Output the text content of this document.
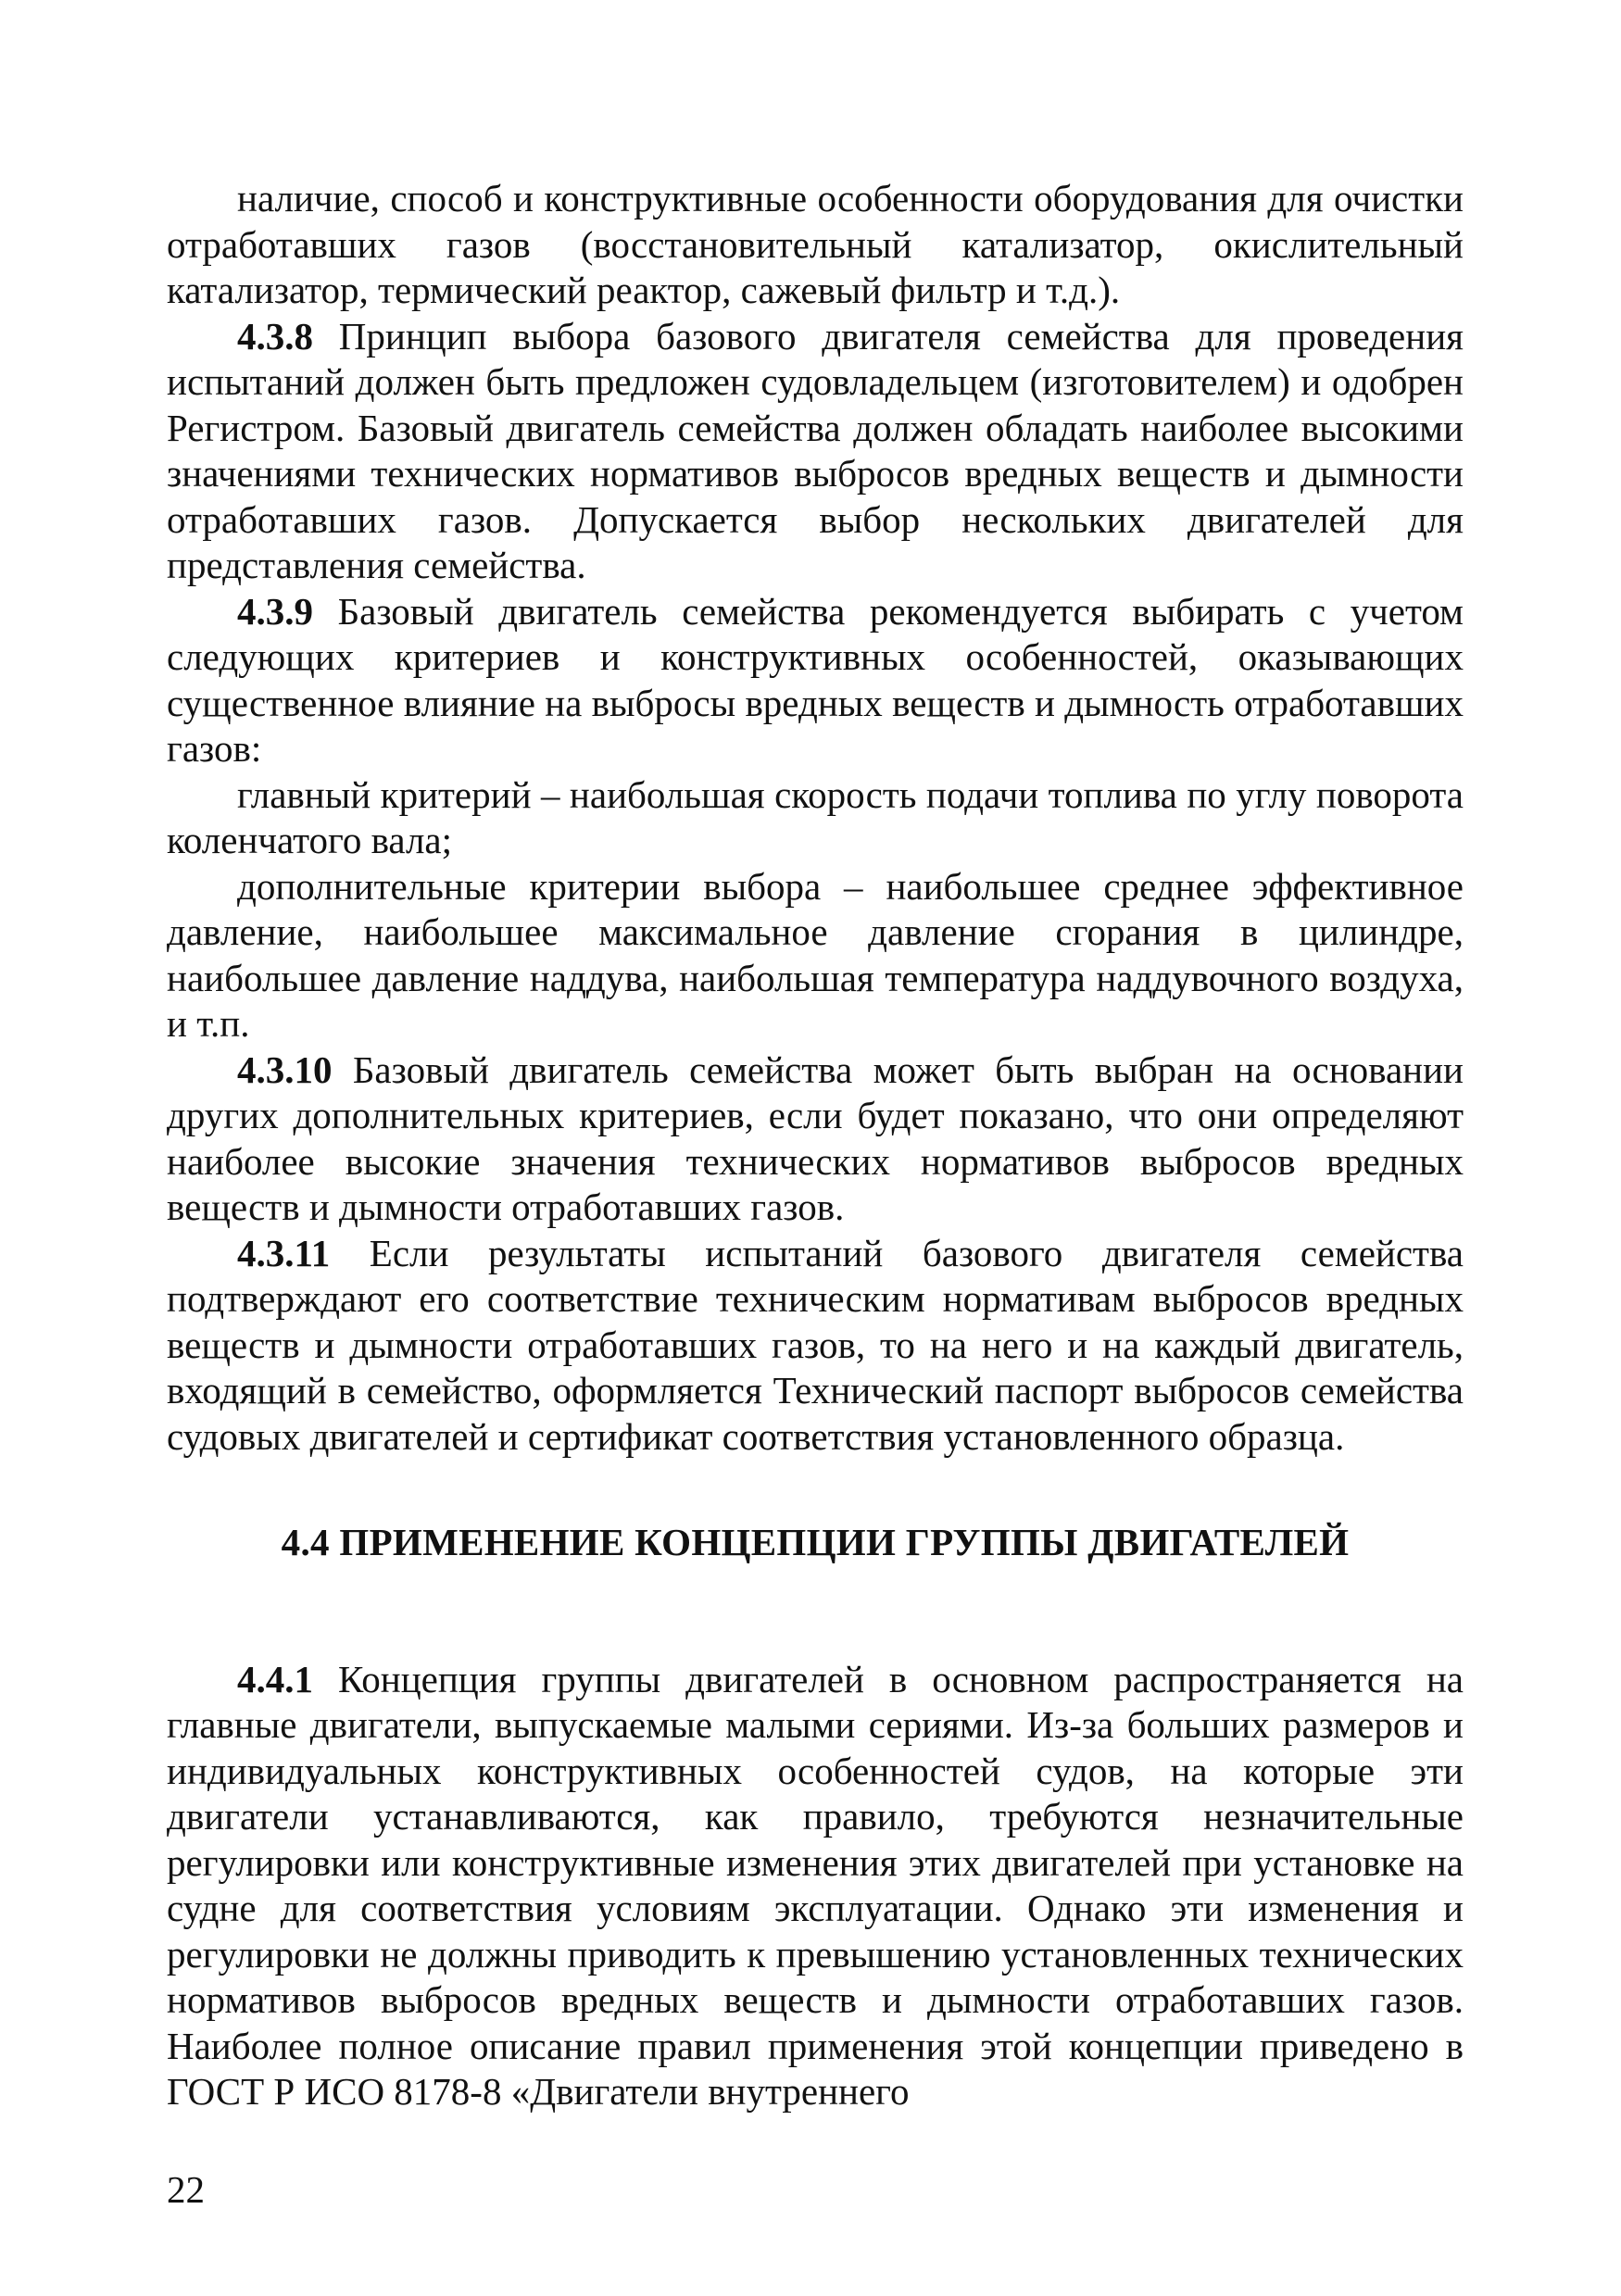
наличие, способ и конструктивные особенности оборудования для очистки отработавших газов (восстановительный катализатор, окислительный катализатор, термический реактор, сажевый фильтр и т.д.).

4.3.8 Принцип выбора базового двигателя семейства для проведения испытаний должен быть предложен судовладельцем (изготовителем) и одобрен Регистром. Базовый двигатель семейства должен обладать наиболее высокими значениями технических нормативов выбросов вредных веществ и дымности отработавших газов. Допускается выбор нескольких двигателей для представления семейства.

4.3.9 Базовый двигатель семейства рекомендуется выбирать с учетом следующих критериев и конструктивных особенностей, оказывающих существенное влияние на выбросы вредных веществ и дымность отработавших газов:

главный критерий – наибольшая скорость подачи топлива по углу поворота коленчатого вала;

дополнительные критерии выбора – наибольшее среднее эффективное давление, наибольшее максимальное давление сгорания в цилиндре, наибольшее давление наддува, наибольшая температура наддувочного воздуха, и т.п.

4.3.10 Базовый двигатель семейства может быть выбран на основании других дополнительных критериев, если будет показано, что они определяют наиболее высокие значения технических нормативов выбросов вредных веществ и дымности отработавших газов.

4.3.11 Если результаты испытаний базового двигателя семейства подтверждают его соответствие техническим нормативам выбросов вредных веществ и дымности отработавших газов, то на него и на каждый двигатель, входящий в семейство, оформляется Технический паспорт выбросов семейства судовых двигателей и сертификат соответствия установленного образца.

4.4 ПРИМЕНЕНИЕ КОНЦЕПЦИИ ГРУППЫ ДВИГАТЕЛЕЙ

4.4.1 Концепция группы двигателей в основном распространяется на главные двигатели, выпускаемые малыми сериями. Из-за больших размеров и индивидуальных конструктивных особенностей судов, на которые эти двигатели устанавливаются, как правило, требуются незначительные регулировки или конструктивные изменения этих двигателей при установке на судне для соответствия условиям эксплуатации. Однако эти изменения и регулировки не должны приводить к превышению установленных технических нормативов выбросов вредных веществ и дымности отработавших газов. Наиболее полное описание правил применения этой концепции приведено в ГОСТ Р ИСО 8178-8 «Двигатели внутреннего

22
